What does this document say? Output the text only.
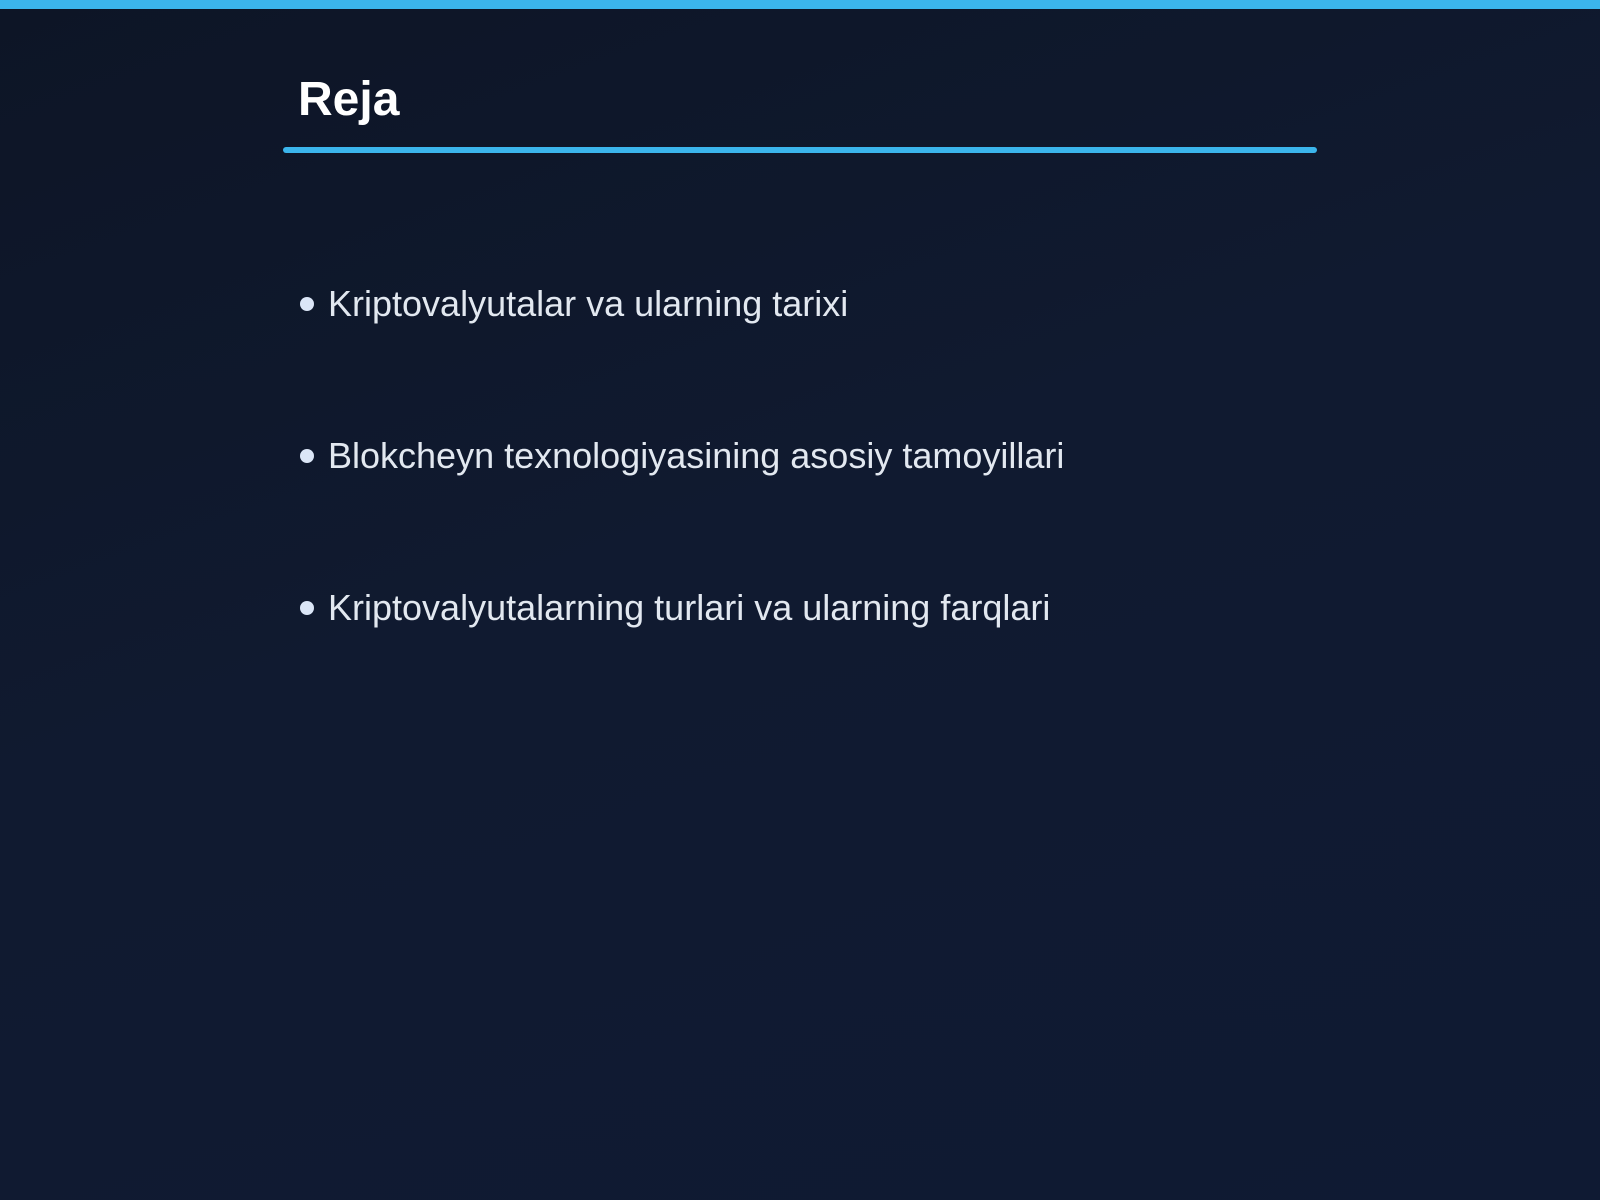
Reja
Kriptovalyutalar va ularning tarixi
Blokcheyn texnologiyasining asosiy tamoyillari
Kriptovalyutalarning turlari va ularning farqlari
